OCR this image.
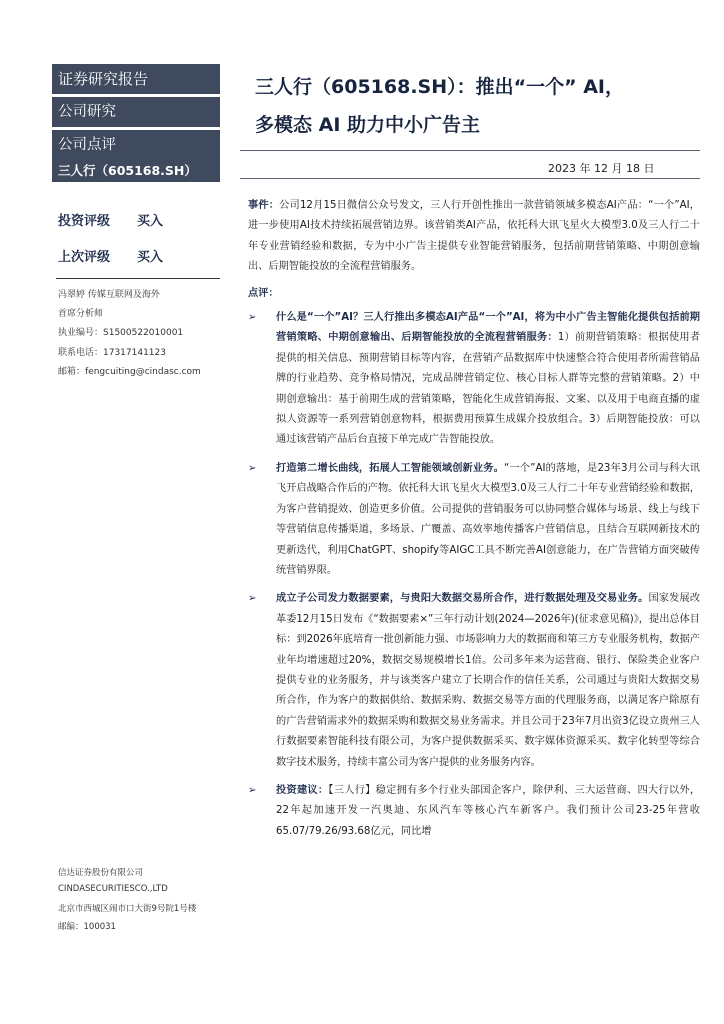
证券研究报告
公司研究
公司点评
三人行（605168.SH）
投资评级 买入
上次评级 买入
冯翠婷 传媒互联网及海外
首席分析师
执业编号：S1500522010001
联系电话：17317141123
邮箱：fengcuiting@cindasc.com
信达证券股份有限公司
CINDASECURITIESCO.,LTD
北京市西城区闹市口大街9号院1号楼
邮编：100031
三人行（605168.SH）：推出“一个” AI，
多模态 AI 助力中小广告主
2023 年 12 月 18 日

事件：公司12月15日微信公众号发文，三人行开创性推出一款营销领域多模态AI产品：“一个”AI，进一步使用AI技术持续拓展营销边界。该营销类AI产品，依托科大讯飞星火大模型3.0及三人行二十年专业营销经验和数据，专为中小广告主提供专业智能营销服务，包括前期营销策略、中期创意输出、后期智能投放的全流程营销服务。

点评：
➢ 什么是“一个”AI？三人行推出多模态AI产品“一个”AI，将为中小广告主智能化提供包括前期营销策略、中期创意输出、后期智能投放的全流程营销服务：1）前期营销策略：根据使用者提供的相关信息、预期营销目标等内容，在营销产品数据库中快速整合符合使用者所需营销品牌的行业趋势、竞争格局情况，完成品牌营销定位、核心目标人群等完整的营销策略。2）中期创意输出：基于前期生成的营销策略，智能化生成营销海报、文案、以及用于电商直播的虚拟人资源等一系列营销创意物料，根据费用预算生成媒介投放组合。3）后期智能投放：可以通过该营销产品后台直接下单完成广告智能投放。

➢ 打造第二增长曲线，拓展人工智能领域创新业务。“一个”AI的落地，是23年3月公司与科大讯飞开启战略合作后的产物。依托科大讯飞星火大模型3.0及三人行二十年专业营销经验和数据，为客户营销提效、创造更多价值。公司提供的营销服务可以协同整合媒体与场景、线上与线下等营销信息传播渠道，多场景、广覆盖、高效率地传播客户营销信息，且结合互联网新技术的更新迭代，利用ChatGPT、shopify等AIGC工具不断完善AI创意能力，在广告营销方面突破传统营销界限。

➢ 成立子公司发力数据要素，与贵阳大数据交易所合作，进行数据处理及交易业务。国家发展改革委12月15日发布《“数据要素×”三年行动计划(2024—2026年)(征求意见稿)》，提出总体目标：到2026年底培育一批创新能力强、市场影响力大的数据商和第三方专业服务机构，数据产业年均增速超过20%，数据交易规模增长1倍。公司多年来为运营商、银行、保险类企业客户提供专业的业务服务，并与该类客户建立了长期合作的信任关系，公司通过与贵阳大数据交易所合作，作为客户的数据供给、数据采购、数据交易等方面的代理服务商，以满足客户除原有的广告营销需求外的数据采购和数据交易业务需求。并且公司于23年7月出资3亿设立贵州三人行数据要素智能科技有限公司，为客户提供数据采买、数字媒体资源采买、数字化转型等综合数字技术服务，持续丰富公司为客户提供的业务服务内容。

➢ 投资建议：【三人行】稳定拥有多个行业头部国企客户，除伊利、三大运营商、四大行以外，22年起加速开发一汽奥迪、东风汽车等核心汽车新客户。我们预计公司23-25年营收65.07/79.26/93.68亿元，同比增
